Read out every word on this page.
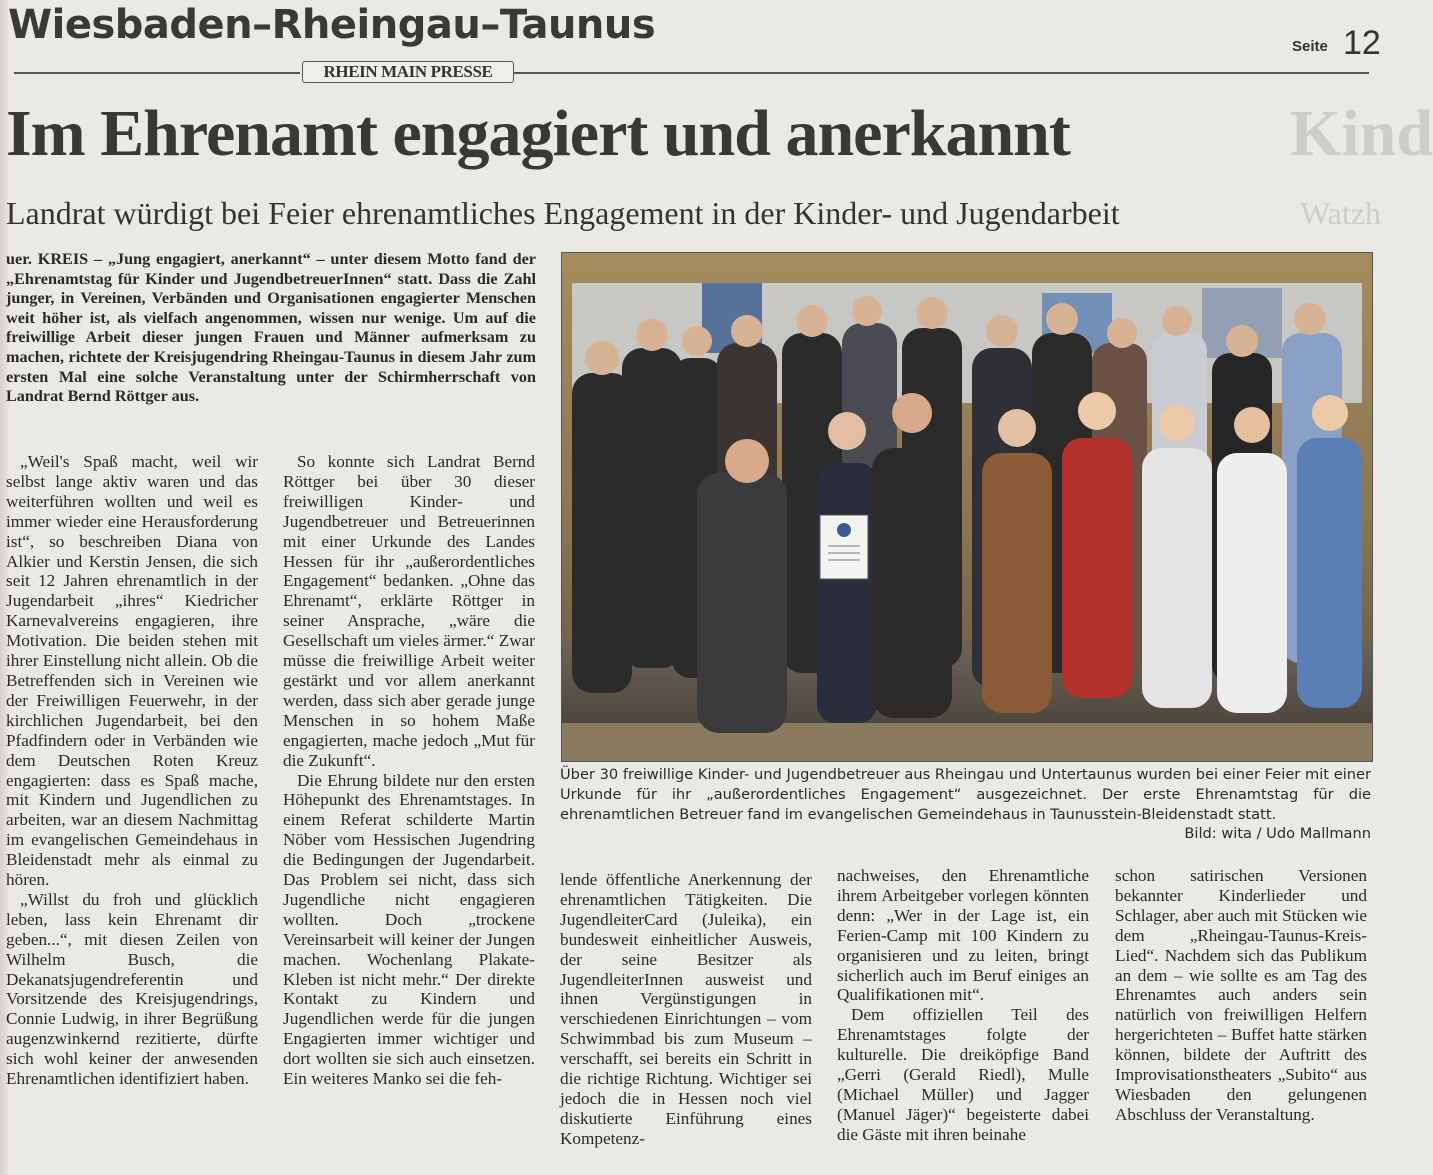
Wiesbaden–Rheingau–Taunus	Seite 12
RHEIN MAIN PRESSE
Kind
Watzh
Im Ehrenamt engagiert und anerkannt
Landrat würdigt bei Feier ehrenamtliches Engagement in der Kinder- und Jugendarbeit
uer. KREIS – „Jung engagiert, anerkannt“ – unter diesem Motto fand der „Ehrenamtstag für Kinder und JugendbetreuerInnen“ statt. Dass die Zahl junger, in Vereinen, Verbänden und Organisationen engagierter Menschen weit höher ist, als vielfach angenommen, wissen nur wenige. Um auf die freiwillige Arbeit dieser jungen Frauen und Männer aufmerksam zu machen, richtete der Kreisjugendring Rheingau-Taunus in diesem Jahr zum ersten Mal eine solche Veranstaltung unter der Schirmherrschaft von Landrat Bernd Röttger aus.

„Weil's Spaß macht, weil wir selbst lange aktiv waren und das weiterführen wollten und weil es immer wieder eine Herausforderung ist“, so beschreiben Diana von Alkier und Kerstin Jensen, die sich seit 12 Jahren ehrenamtlich in der Jugendarbeit „ihres“ Kiedricher Karnevalvereins engagieren, ihre Motivation. Die beiden stehen mit ihrer Einstellung nicht allein. Ob die Betreffenden sich in Vereinen wie der Freiwilligen Feuerwehr, in der kirchlichen Jugendarbeit, bei den Pfadfindern oder in Verbänden wie dem Deutschen Roten Kreuz engagierten: dass es Spaß mache, mit Kindern und Jugendlichen zu arbeiten, war an diesem Nachmittag im evangelischen Gemeindehaus in Bleidenstadt mehr als einmal zu hören.

„Willst du froh und glücklich leben, lass kein Ehrenamt dir geben...“, mit diesen Zeilen von Wilhelm Busch, die Dekanatsjugendreferentin und Vorsitzende des Kreisjugendrings, Connie Ludwig, in ihrer Begrüßung augenzwinkernd rezitierte, dürfte sich wohl keiner der anwesenden Ehrenamtlichen identifiziert haben.

So konnte sich Landrat Bernd Röttger bei über 30 dieser freiwilligen Kinder- und Jugendbetreuer und Betreuerinnen mit einer Urkunde des Landes Hessen für ihr „außerordentliches Engagement“ bedanken. „Ohne das Ehrenamt“, erklärte Röttger in seiner Ansprache, „wäre die Gesellschaft um vieles ärmer.“ Zwar müsse die freiwillige Arbeit weiter gestärkt und vor allem anerkannt werden, dass sich aber gerade junge Menschen in so hohem Maße engagierten, mache jedoch „Mut für die Zukunft“.

Die Ehrung bildete nur den ersten Höhepunkt des Ehrenamtstages. In einem Referat schilderte Martin Nöber vom Hessischen Jugendring die Bedingungen der Jugendarbeit. Das Problem sei nicht, dass sich Jugendliche nicht engagieren wollten. Doch „trockene Vereinsarbeit will keiner der Jungen machen. Wochenlang Plakate-Kleben ist nicht mehr.“ Der direkte Kontakt zu Kindern und Jugendlichen werde für die jungen Engagierten immer wichtiger und dort wollten sie sich auch einsetzen. Ein weiteres Manko sei die feh-

lende öffentliche Anerkennung der ehrenamtlichen Tätigkeiten. Die JugendleiterCard (Juleika), ein bundesweit einheitlicher Ausweis, der seine Besitzer als JugendleiterInnen ausweist und ihnen Vergünstigungen in verschiedenen Einrichtungen – vom Schwimmbad bis zum Museum – verschafft, sei bereits ein Schritt in die richtige Richtung. Wichtiger sei jedoch die in Hessen noch viel diskutierte Einführung eines Kompetenz-

nachweises, den Ehrenamtliche ihrem Arbeitgeber vorlegen könnten denn: „Wer in der Lage ist, ein Ferien-Camp mit 100 Kindern zu organisieren und zu leiten, bringt sicherlich auch im Beruf einiges an Qualifikationen mit“.

Dem offiziellen Teil des Ehrenamtstages folgte der kulturelle. Die dreiköpfige Band „Gerri (Gerald Riedl), Mulle (Michael Müller) und Jagger (Manuel Jäger)“ begeisterte dabei die Gäste mit ihren beinahe

schon satirischen Versionen bekannter Kinderlieder und Schlager, aber auch mit Stücken wie dem „Rheingau-Taunus-Kreis-Lied“. Nachdem sich das Publikum an dem – wie sollte es am Tag des Ehrenamtes auch anders sein natürlich von freiwilligen Helfern hergerichteten – Buffet hatte stärken können, bildete der Auftritt des Improvisationstheaters „Subito“ aus Wiesbaden den gelungenen Abschluss der Veranstaltung.

Über 30 freiwillige Kinder- und Jugendbetreuer aus Rheingau und Untertaunus wurden bei einer Feier mit einer Urkunde für ihr „außerordentliches Engagement“ ausgezeichnet. Der erste Ehrenamtstag für die ehrenamtlichen Betreuer fand im evangelischen Gemeindehaus in Taunusstein-Bleidenstadt statt.
Bild: wita / Udo Mallmann
